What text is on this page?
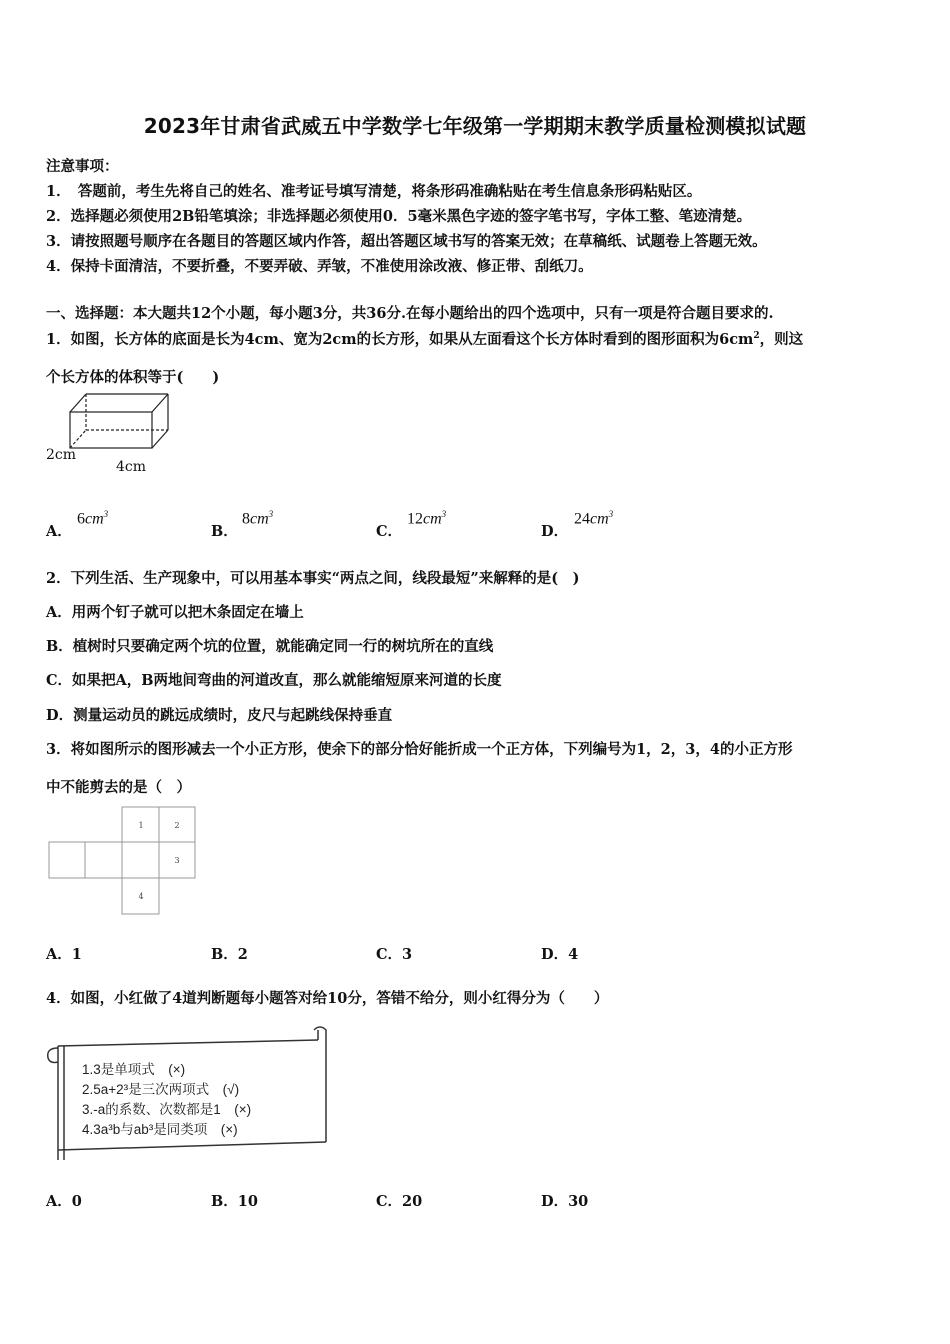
2023年甘肃省武威五中学数学七年级第一学期期末教学质量检测模拟试题
注意事项：
1．　答题前，考生先将自己的姓名、准考证号填写清楚，将条形码准确粘贴在考生信息条形码粘贴区。
2．选择题必须使用2B铅笔填涂；非选择题必须使用0．5毫米黑色字迹的签字笔书写，字体工整、笔迹清楚。
3．请按照题号顺序在各题目的答题区域内作答，超出答题区域书写的答案无效；在草稿纸、试题卷上答题无效。
4．保持卡面清洁，不要折叠，不要弄破、弄皱，不准使用涂改液、修正带、刮纸刀。
一、选择题：本大题共12个小题，每小题3分，共36分.在每小题给出的四个选项中，只有一项是符合题目要求的.
1．如图，长方体的底面是长为4cm、宽为2cm的长方形，如果从左面看这个长方体时看到的图形面积为$6cm^2$，则这
个长方体的体积等于(　　)
2cm
4cm
A．
$6cm^3$
B．
$8cm^3$
C．
$12cm^3$
D．
$24cm^3$
2．下列生活、生产现象中，可以用基本事实“两点之间，线段最短”来解释的是(　)
A．用两个钉子就可以把木条固定在墙上
B．植树时只要确定两个坑的位置，就能确定同一行的树坑所在的直线
C．如果把A，B两地间弯曲的河道改直，那么就能缩短原来河道的长度
D．测量运动员的跳远成绩时，皮尺与起跳线保持垂直
3．将如图所示的图形减去一个小正方形，使余下的部分恰好能折成一个正方体，下列编号为1，2，3，4的小正方形
中不能剪去的是（　）
1	2
3
4
A．1	B．2	C．3	D．4
4．如图，小红做了4道判断题每小题答对给10分，答错不给分，则小红得分为（　　）
1.3是单项式　(×)
2.5a+2³是三次两项式　(√)
3.-a的系数、次数都是1　(×)
4.3a³b与ab³是同类项　(×)
A．0	B．10	C．20	D．30
